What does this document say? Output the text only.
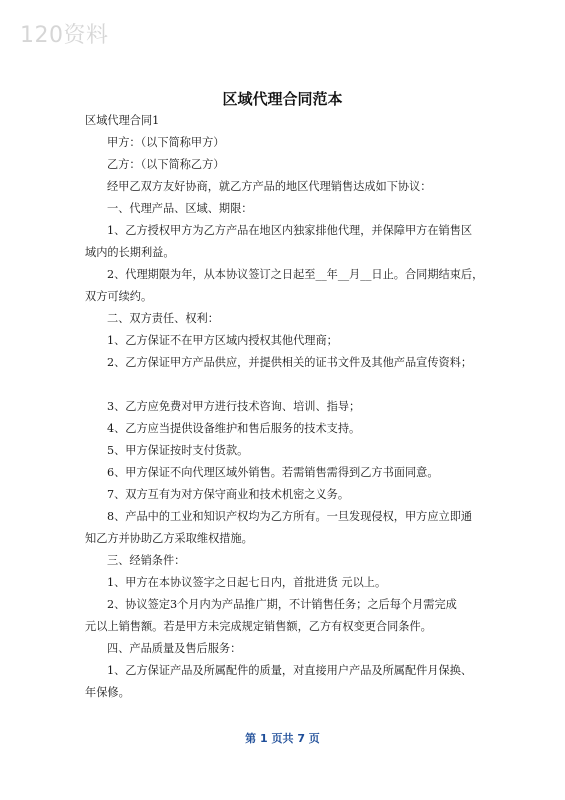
120资料
区域代理合同范本
区域代理合同1
甲方：（以下简称甲方）
乙方：（以下简称乙方）
经甲乙双方友好协商，就乙方产品的地区代理销售达成如下协议：
一、代理产品、区域、期限：
1、乙方授权甲方为乙方产品在地区内独家排他代理，并保障甲方在销售区
域内的长期利益。
2、代理期限为年，从本协议签订之日起至__年__月__日止。合同期结束后，
双方可续约。
二、双方责任、权利：
1、乙方保证不在甲方区域内授权其他代理商；
2、乙方保证甲方产品供应，并提供相关的证书文件及其他产品宣传资料；
3、乙方应免费对甲方进行技术咨询、培训、指导；
4、乙方应当提供设备维护和售后服务的技术支持。
5、甲方保证按时支付货款。
6、甲方保证不向代理区域外销售。若需销售需得到乙方书面同意。
7、双方互有为对方保守商业和技术机密之义务。
8、产品中的工业和知识产权均为乙方所有。一旦发现侵权，甲方应立即通
知乙方并协助乙方采取维权措施。
三、经销条件：
1、甲方在本协议签字之日起七日内，首批进货 元以上。
2、协议签定3个月内为产品推广期，不计销售任务；之后每个月需完成
元以上销售额。若是甲方未完成规定销售额，乙方有权变更合同条件。
四、产品质量及售后服务：
1、乙方保证产品及所属配件的质量，对直接用户产品及所属配件月保换、
年保修。
第 1 页共 7 页
